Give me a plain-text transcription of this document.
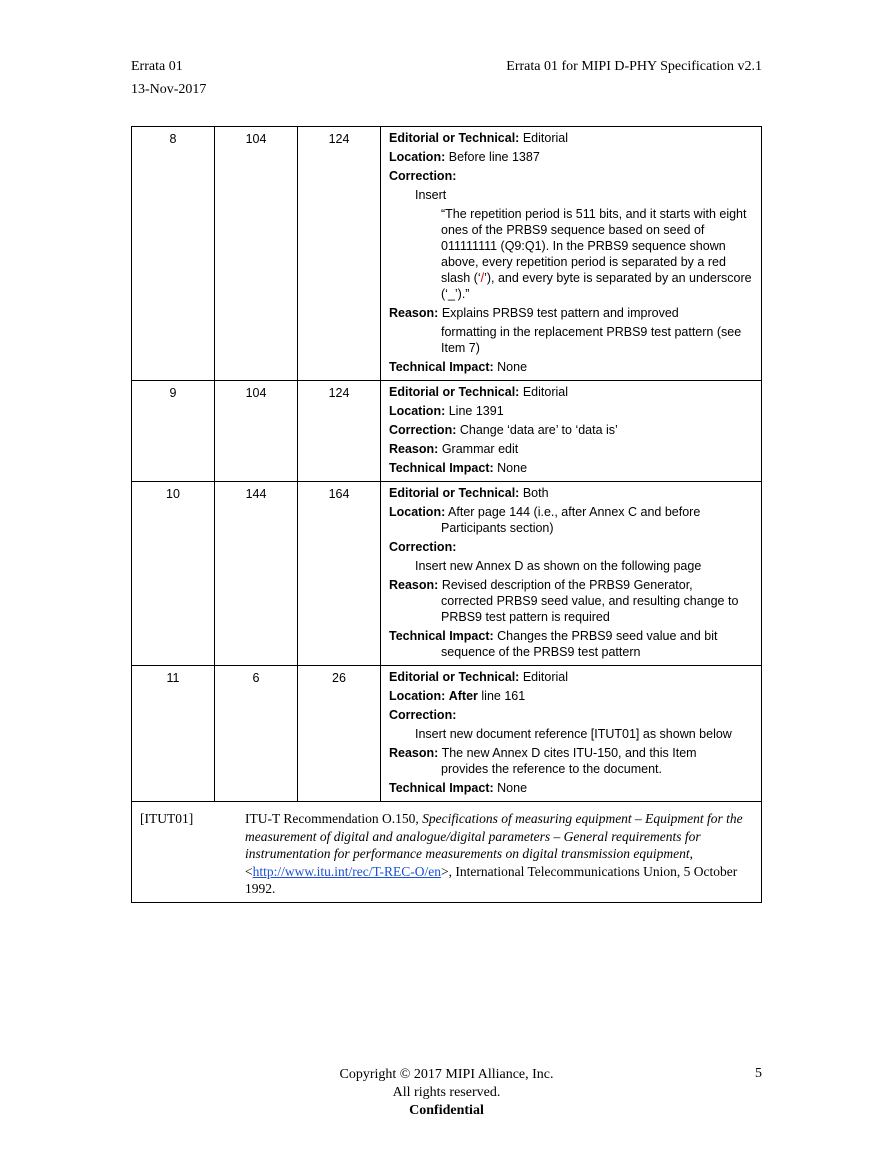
Errata 01
13-Nov-2017
Errata 01 for MIPI D-PHY Specification v2.1
8	104	124	Editorial or Technical: Editorial
Location: Before line 1387
Correction:
Insert
“The repetition period is 511 bits, and it starts with eight ones of the PRBS9 sequence based on seed of 011111111 (Q9:Q1). In the PRBS9 sequence shown above, every repetition period is separated by a red slash (‘/’), and every byte is separated by an underscore (‘_’).”
Reason: Explains PRBS9 test pattern and improved
formatting in the replacement PRBS9 test pattern (see Item 7)
Technical Impact: None
9	104	124	Editorial or Technical: Editorial
Location: Line 1391
Correction: Change ‘data are’ to ‘data is’
Reason: Grammar edit
Technical Impact: None
10	144	164	Editorial or Technical: Both
Location: After page 144 (i.e., after Annex C and before
Participants section)
Correction:
Insert new Annex D as shown on the following page
Reason: Revised description of the PRBS9 Generator,
corrected PRBS9 seed value, and resulting change to PRBS9 test pattern is required
Technical Impact: Changes the PRBS9 seed value and bit
sequence of the PRBS9 test pattern
11	6	26	Editorial or Technical: Editorial
Location: After line 161
Correction:
Insert new document reference [ITUT01] as shown below
Reason: The new Annex D cites ITU-150, and this Item
provides the reference to the document.
Technical Impact: None
[ITUT01]	ITU-T Recommendation O.150, Specifications of measuring equipment – Equipment for the measurement of digital and analogue/digital parameters – General requirements for instrumentation for performance measurements on digital transmission equipment, <http://www.itu.int/rec/T-REC-O/en>, International Telecommunications Union, 5 October 1992.
Copyright © 2017 MIPI Alliance, Inc.
All rights reserved.
Confidential
5
